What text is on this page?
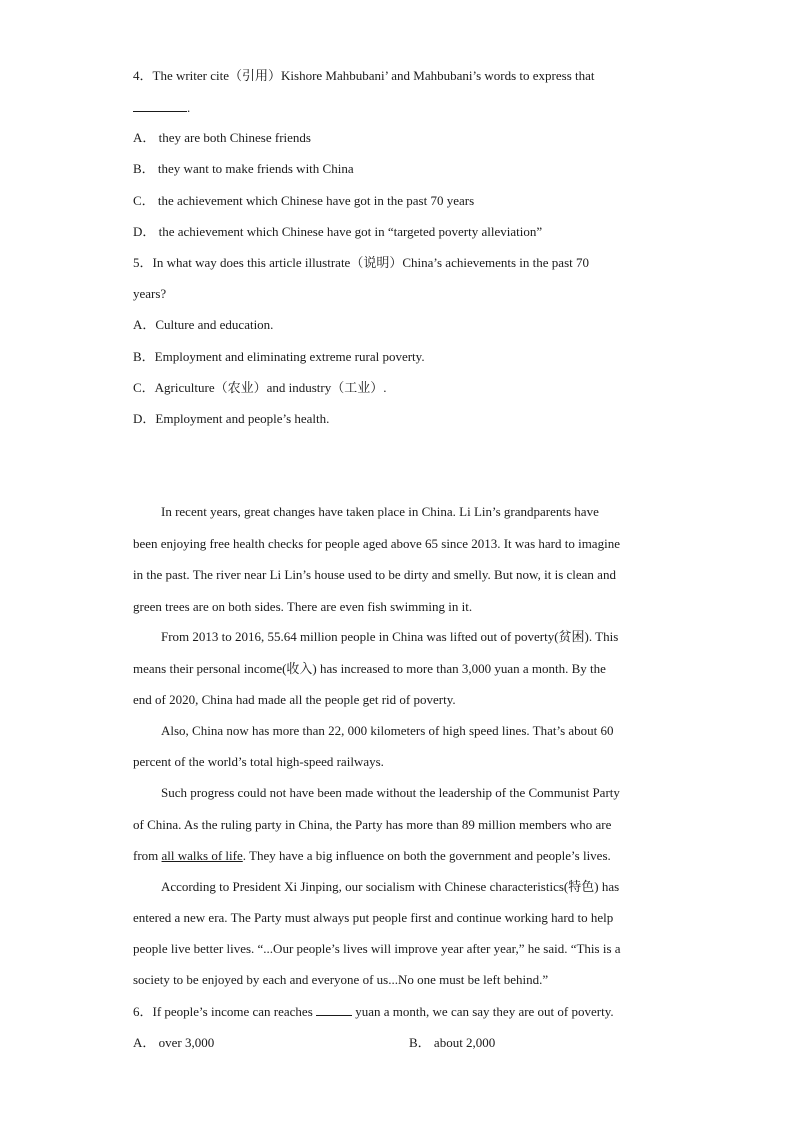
4．The writer cite（引用）Kishore Mahbubani’ and Mahbubani’s words to express that
.
A． they are both Chinese friends
B． they want to make friends with China
C． the achievement which Chinese have got in the past 70 years
D． the achievement which Chinese have got in “targeted poverty alleviation”
5．In what way does this article illustrate（说明）China’s achievements in the past 70
years?
A．Culture and education.
B．Employment and eliminating extreme rural poverty.
C．Agriculture（农业）and industry（工业）.
D．Employment and people’s health.
In recent years, great changes have taken place in China. Li Lin’s grandparents have
been enjoying free health checks for people aged above 65 since 2013. It was hard to imagine
in the past. The river near Li Lin’s house used to be dirty and smelly. But now, it is clean and
green trees are on both sides. There are even fish swimming in it.
From 2013 to 2016, 55.64 million people in China was lifted out of poverty(贫困). This
means their personal income(收入) has increased to more than 3,000 yuan a month. By the
end of 2020, China had made all the people get rid of poverty.
Also, China now has more than 22, 000 kilometers of high speed lines. That’s about 60
percent of the world’s total high-speed railways.
Such progress could not have been made without the leadership of the Communist Party
of China. As the ruling party in China, the Party has more than 89 million members who are
from all walks of life. They have a big influence on both the government and people’s lives.
According to President Xi Jinping, our socialism with Chinese characteristics(特色) has
entered a new era. The Party must always put people first and continue working hard to help
people live better lives. “...Our people’s lives will improve year after year,” he said. “This is a
society to be enjoyed by each and everyone of us...No one must be left behind.”
6．If people’s income can reaches	yuan a month, we can say they are out of poverty.
A． over 3,000	B． about 2,000
